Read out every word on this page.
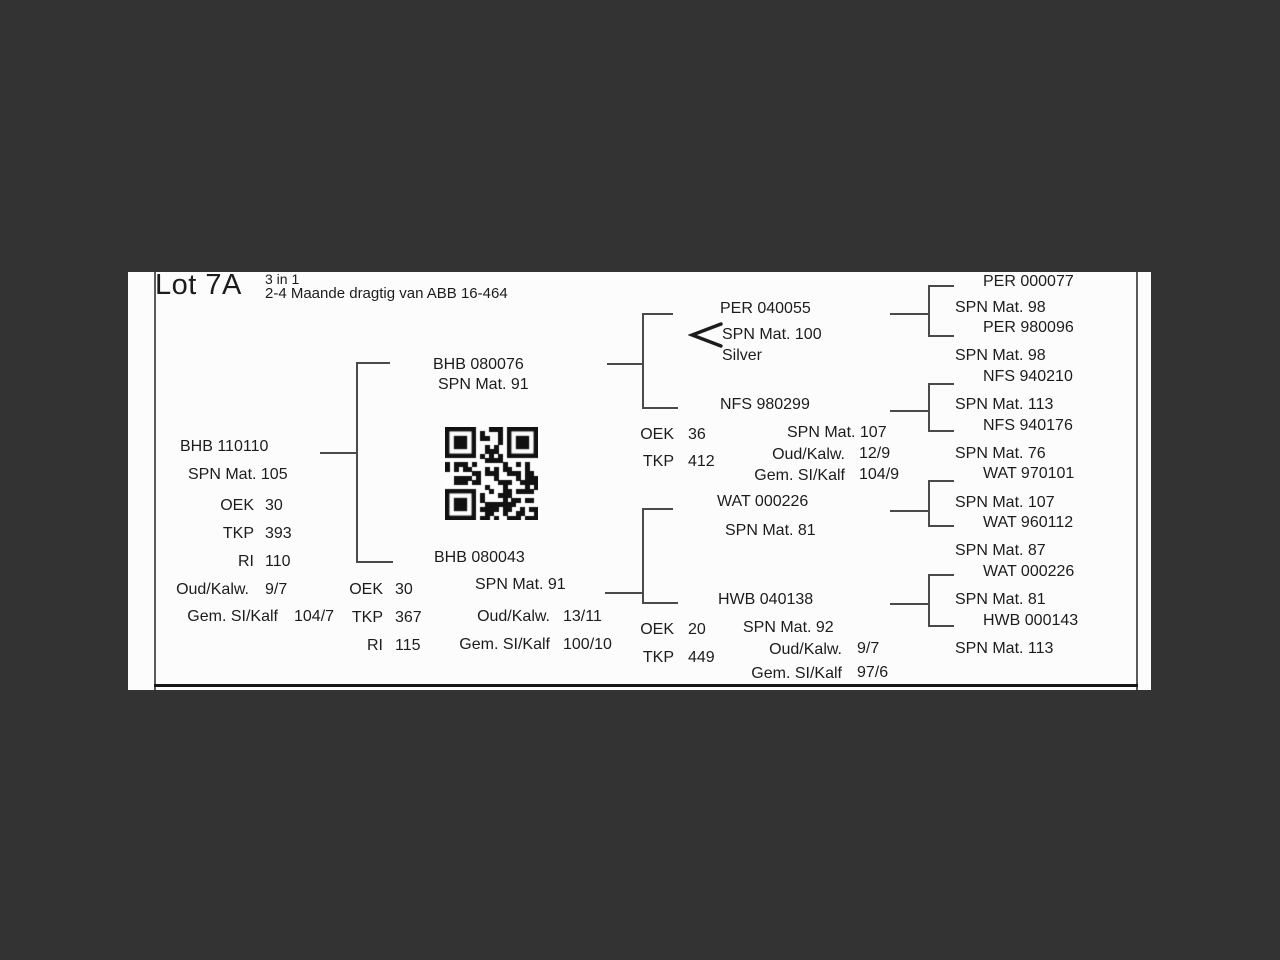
Lot 7A 3 in 1
2-4 Maande dragtig van ABB 16-464
BHB 110110
SPN Mat. 105
OEK 30
TKP 393
RI 110
Oud/Kalw. 9/7
Gem. SI/Kalf 104/7
BHB 080076
SPN Mat. 91
BHB 080043
SPN Mat. 91
OEK 30
TKP 367
RI 115
Oud/Kalw. 13/11
Gem. SI/Kalf 100/10
PER 040055
SPN Mat. 100
Silver
NFS 980299
OEK 36
TKP 412
SPN Mat. 107
Oud/Kalw. 12/9
Gem. SI/Kalf 104/9
WAT 000226
SPN Mat. 81
HWB 040138
OEK 20
TKP 449
SPN Mat. 92
Oud/Kalw. 9/7
Gem. SI/Kalf 97/6
PER 000077
SPN Mat. 98
PER 980096
SPN Mat. 98
NFS 940210
SPN Mat. 113
NFS 940176
SPN Mat. 76
WAT 970101
SPN Mat. 107
WAT 960112
SPN Mat. 87
WAT 000226
SPN Mat. 81
HWB 000143
SPN Mat. 113
